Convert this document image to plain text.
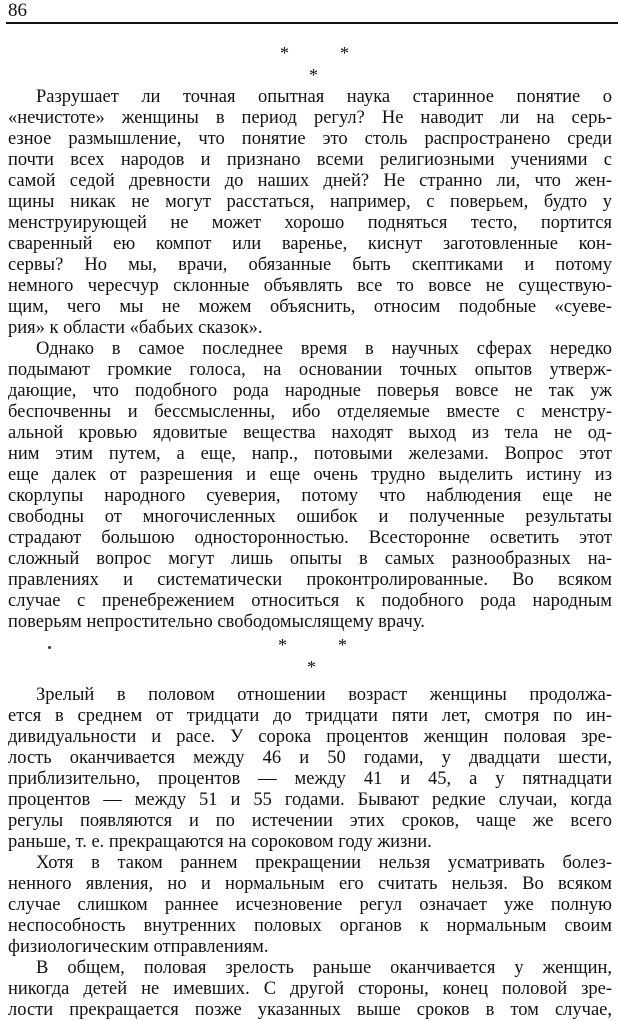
86
*	*
*
Разрушает ли точная опытная наука старинное понятие о
«нечистоте» женщины в период регул? Не наводит ли на серь-
езное размышление, что понятие это столь распространено среди
почти всех народов и признано всеми религиозными учениями с
самой седой древности до наших дней? Не странно ли, что жен-
щины никак не могут расстаться, например, с поверьем, будто у
менструирующей не может хорошо подняться тесто, портится
сваренный ею компот или варенье, киснут заготовленные кон-
сервы? Но мы, врачи, обязанные быть скептиками и потому
немного чересчур склонные объявлять все то вовсе не существую-
щим, чего мы не можем объяснить, относим подобные «суеве-
рия» к области «бабьих сказок».
Однако в самое последнее время в научных сферах нередко
подымают громкие голоса, на основании точных опытов утверж-
дающие, что подобного рода народные поверья вовсе не так уж
беспочвенны и бессмысленны, ибо отделяемые вместе с менстру-
альной кровью ядовитые вещества находят выход из тела не од-
ним этим путем, а еще, напр., потовыми железами. Вопрос этот
еще далек от разрешения и еще очень трудно выделить истину из
скорлупы народного суеверия, потому что наблюдения еще не
свободны от многочисленных ошибок и полученные результаты
страдают большою односторонностью. Всесторонне осветить этот
сложный вопрос могут лишь опыты в самых разнообразных на-
правлениях и систематически проконтролированные. Во всяком
случае с пренебрежением относиться к подобного рода народным
поверьям непростительно свободомыслящему врачу.
*	*
*
Зрелый в половом отношении возраст женщины продолжа-
ется в среднем от тридцати до тридцати пяти лет, смотря по ин-
дивидуальности и расе. У сорока процентов женщин половая зре-
лость оканчивается между 46 и 50 годами, у двадцати шести,
приблизительно, процентов — между 41 и 45, а у пятнадцати
процентов — между 51 и 55 годами. Бывают редкие случаи, когда
регулы появляются и по истечении этих сроков, чаще же всего
раньше, т. е. прекращаются на сороковом году жизни.
Хотя в таком раннем прекращении нельзя усматривать болез-
ненного явления, но и нормальным его считать нельзя. Во всяком
случае слишком раннее исчезновение регул означает уже полную
неспособность внутренних половых органов к нормальным своим
физиологическим отправлениям.
В общем, половая зрелость раньше оканчивается у женщин,
никогда детей не имевших. С другой стороны, конец половой зре-
лости прекращается позже указанных выше сроков в том случае,
